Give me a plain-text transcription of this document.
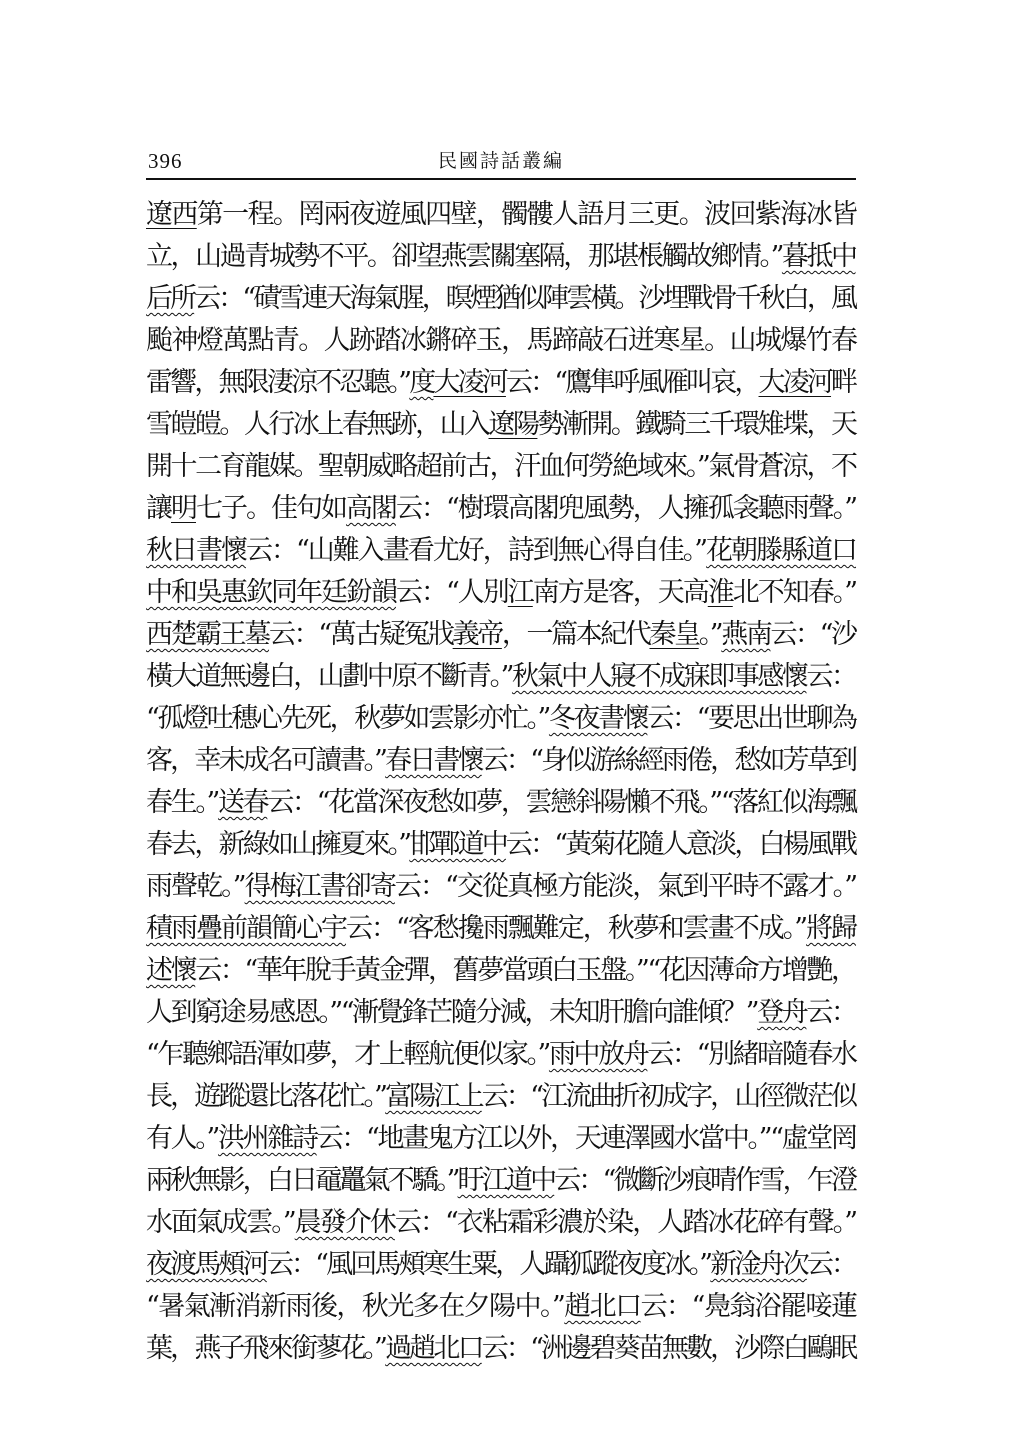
396	民國詩話叢編
遼西第一程。罔兩夜遊風四壁，髑髏人語月三更。波回紫海冰皆
立，山過青城勢不平。卻望燕雲關塞隔，那堪棖觸故鄉情。”暮抵中
后所云：“磧雪連天海氣腥，暝煙猶似陣雲橫。沙埋戰骨千秋白，風
颱神燈萬點青。人跡踏冰鏘碎玉，馬蹄敲石迸寒星。山城爆竹春
雷響，無限淒涼不忍聽。”度大凌河云：“鷹隼呼風雁叫哀，大凌河畔
雪皚皚。人行冰上春無跡，山入遼陽勢漸開。鐵騎三千環雉堞，天
開十二育龍媒。聖朝威略超前古，汗血何勞絶域來。”氣骨蒼涼，不
讓明七子。佳句如高閣云：“樹環高閣兜風勢，人擁孤衾聽雨聲。”
秋日書懷云：“山難入畫看尤好，詩到無心得自佳。”花朝滕縣道口
中和吳惠欽同年廷鈖韻云：“人別江南方是客，天高淮北不知春。”
西楚霸王墓云：“萬古疑冤戕義帝，一篇本紀代秦皇。”燕南云：“沙
橫大道無邊白，山劃中原不斷青。”秋氣中人寢不成寐即事感懷云：
“孤燈吐穗心先死，秋夢如雲影亦忙。”冬夜書懷云：“要思出世聊為
客，幸未成名可讀書。”春日書懷云：“身似游絲經雨倦，愁如芳草到
春生。”送春云：“花當深夜愁如夢，雲戀斜陽懶不飛。”“落紅似海飄
春去，新綠如山擁夏來。”邯鄲道中云：“黃菊花隨人意淡，白楊風戰
雨聲乾。”得梅江書卻寄云：“交從真極方能淡，氣到平時不露才。”
積雨疊前韻簡心宇云：“客愁攙雨飄難定，秋夢和雲畫不成。”將歸
述懷云：“華年脫手黃金彈，舊夢當頭白玉盤。”“花因薄命方增艷，
人到窮途易感恩。”“漸覺鋒芒隨分減，未知肝膽向誰傾？”登舟云：
“乍聽鄉語渾如夢，才上輕航便似家。”雨中放舟云：“別緒暗隨春水
長，遊蹤還比落花忙。”富陽江上云：“江流曲折初成字，山徑微茫似
有人。”洪州雜詩云：“地畫鬼方江以外，天連澤國水當中。”“虛堂罔
兩秋無影，白日黿鼉氣不驕。”盱江道中云：“微斷沙痕晴作雪，乍澄
水面氣成雲。”晨發介休云：“衣粘霜彩濃於染，人踏冰花碎有聲。”
夜渡馬頰河云：“風回馬頰寒生粟，人躡狐蹤夜度冰。”新淦舟次云：
“暑氣漸消新雨後，秋光多在夕陽中。”趙北口云：“鳧翁浴罷唼蓮
葉，燕子飛來銜蓼花。”過趙北口云：“洲邊碧葵苗無數，沙際白鷗眠
